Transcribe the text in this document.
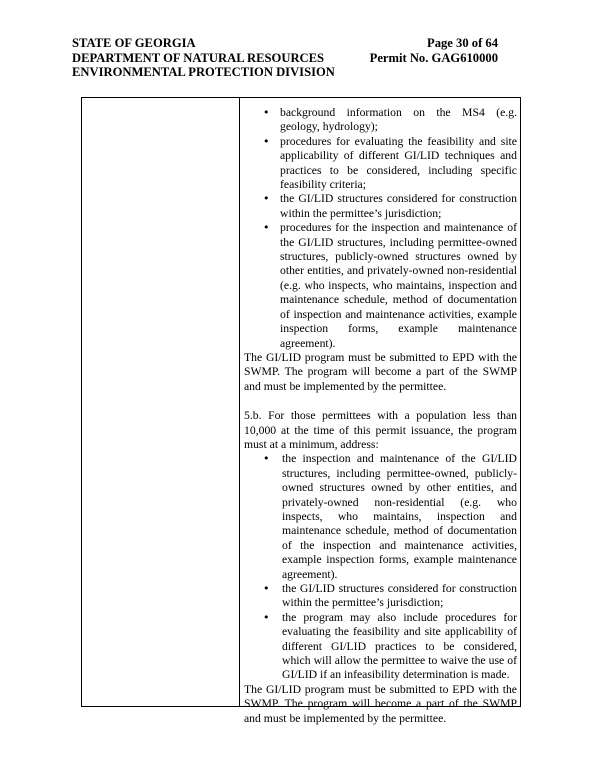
STATE OF GEORGIA	Page 30 of 64
DEPARTMENT OF NATURAL RESOURCES	Permit No. GAG610000
ENVIRONMENTAL PROTECTION DIVISION
• background information on the MS4 (e.g. geology, hydrology);
• procedures for evaluating the feasibility and site applicability of different GI/LID techniques and practices to be considered, including specific feasibility criteria;
• the GI/LID structures considered for construction within the permittee’s jurisdiction;
• procedures for the inspection and maintenance of the GI/LID structures, including permittee-owned structures, publicly-owned structures owned by other entities, and privately-owned non-residential (e.g. who inspects, who maintains, inspection and maintenance schedule, method of documentation of inspection and maintenance activities, example inspection forms, example maintenance agreement).

The GI/LID program must be submitted to EPD with the SWMP. The program will become a part of the SWMP and must be implemented by the permittee.

5.b. For those permittees with a population less than 10,000 at the time of this permit issuance, the program must at a minimum, address:

• the inspection and maintenance of the GI/LID structures, including permittee-owned, publicly-owned structures owned by other entities, and privately-owned non-residential (e.g. who inspects, who maintains, inspection and maintenance schedule, method of documentation of the inspection and maintenance activities, example inspection forms, example maintenance agreement).
• the GI/LID structures considered for construction within the permittee’s jurisdiction;
• the program may also include procedures for evaluating the feasibility and site applicability of different GI/LID practices to be considered, which will allow the permittee to waive the use of GI/LID if an infeasibility determination is made.

The GI/LID program must be submitted to EPD with the SWMP. The program will become a part of the SWMP and must be implemented by the permittee.
